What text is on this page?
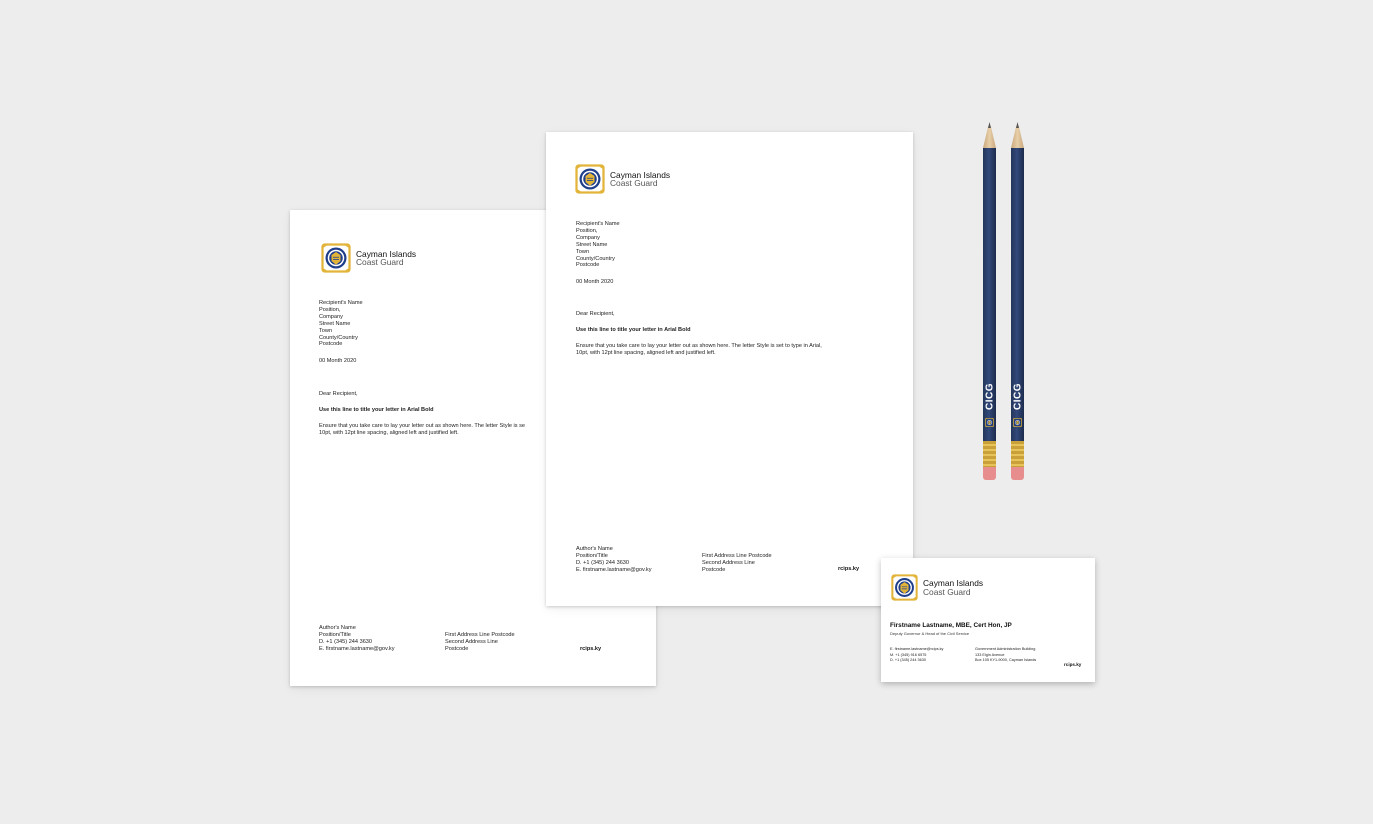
Cayman Islands
Coast Guard
Recipient's Name
Position,
Company
Street Name
Town
County/Country
Postcode
00 Month 2020
Dear Recipient,
Use this line to title your letter in Arial Bold
Ensure that you take care to lay your letter out as shown here. The letter Style is se
10pt, with 12pt line spacing, aligned left and justified left.
Author's Name
Position/Title
D. +1 (345) 244 3630
E. firstname.lastname@gov.ky
First Address Line Postcode
Second Address Line
Postcode	rcips.ky
Cayman Islands
Coast Guard
Recipient's Name
Position,
Company
Street Name
Town
County/Country
Postcode
00 Month 2020
Dear Recipient,
Use this line to title your letter in Arial Bold
Ensure that you take care to lay your letter out as shown here. The letter Style is set to type in Arial,
10pt, with 12pt line spacing, aligned left and justified left.
Author's Name
Position/Title
D. +1 (345) 244 3630
E. firstname.lastname@gov.ky
First Address Line Postcode
Second Address Line
Postcode	rcips.ky
CICG CICG
Cayman Islands
Coast Guard
Firstname Lastname, MBE, Cert Hon, JP
Deputy Governor & Head of the Civil Service
E. firstname.lastname@rcips.ky
M. +1 (345) 916 6575
D. +1 (345) 244 3630
Government Administration Building
133 Elgin Avenue
Box 105 KY1-9000, Cayman Islands
rcips.ky
